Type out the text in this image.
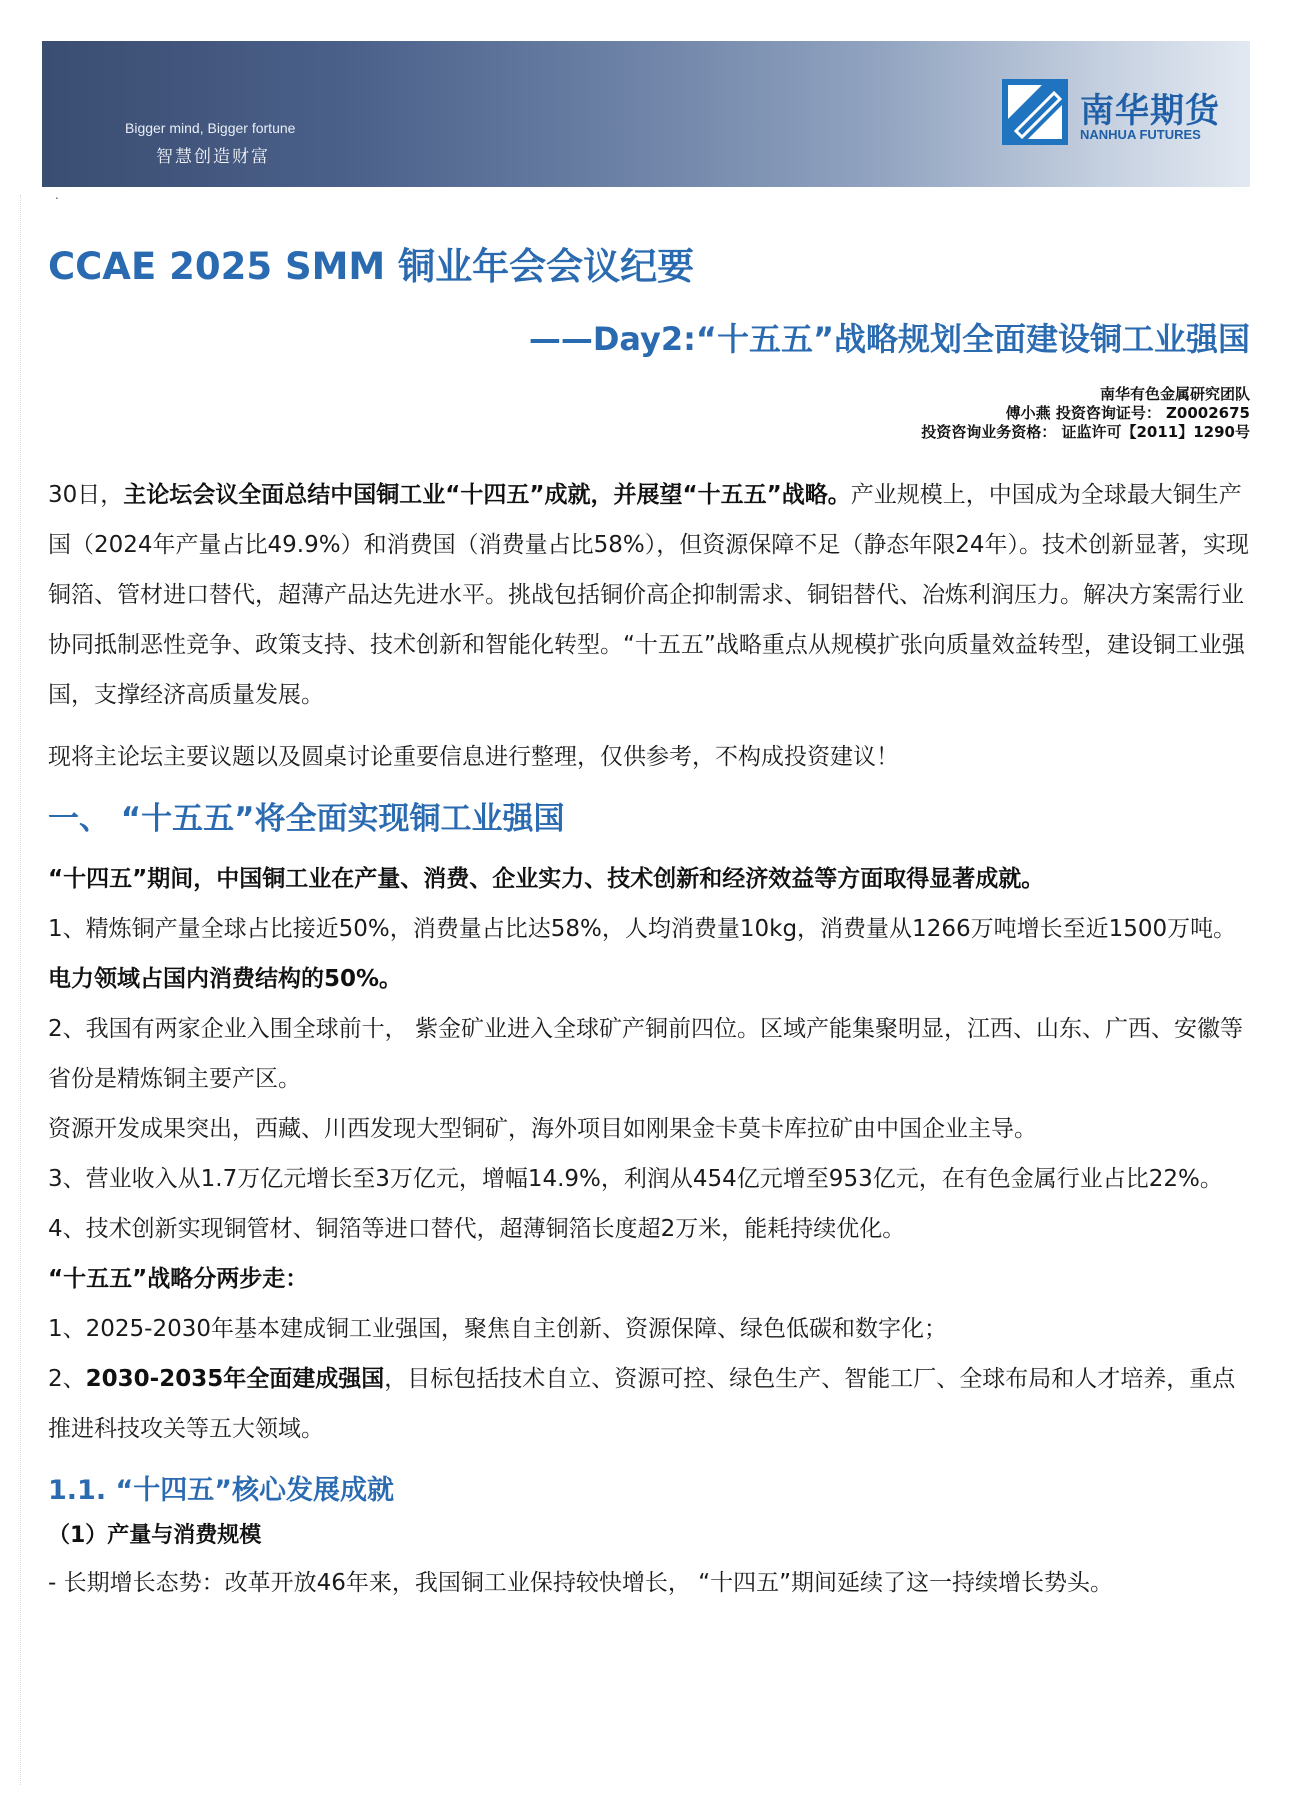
Bigger mind, Bigger fortune
智慧创造财富
南华期货
NANHUA FUTURES
.
CCAE 2025 SMM 铜业年会会议纪要
——Day2:“十五五”战略规划全面建设铜工业强国
南华有色金属研究团队
傅小燕 投资咨询证号： Z0002675
投资咨询业务资格： 证监许可【2011】1290号

30日，主论坛会议全面总结中国铜工业“十四五”成就，并展望“十五五”战略。产业规模上，中国成为全球最大铜生产国（2024年产量占比49.9%）和消费国（消费量占比58%），但资源保障不足（静态年限24年）。技术创新显著，实现铜箔、管材进口替代，超薄产品达先进水平。挑战包括铜价高企抑制需求、铜铝替代、冶炼利润压力。解决方案需行业协同抵制恶性竞争、政策支持、技术创新和智能化转型。“十五五”战略重点从规模扩张向质量效益转型，建设铜工业强国，支撑经济高质量发展。

现将主论坛主要议题以及圆桌讨论重要信息进行整理，仅供参考，不构成投资建议！

一、 “十五五”将全面实现铜工业强国

“十四五”期间，中国铜工业在产量、消费、企业实力、技术创新和经济效益等方面取得显著成就。

1、精炼铜产量全球占比接近50%，消费量占比达58%，人均消费量10kg，消费量从1266万吨增长至近1500万吨。电力领域占国内消费结构的50%。

2、我国有两家企业入围全球前十， 紫金矿业进入全球矿产铜前四位。区域产能集聚明显，江西、山东、广西、安徽等省份是精炼铜主要产区。

资源开发成果突出，西藏、川西发现大型铜矿，海外项目如刚果金卡莫卡库拉矿由中国企业主导。

3、营业收入从1.7万亿元增长至3万亿元，增幅14.9%，利润从454亿元增至953亿元，在有色金属行业占比22%。

4、技术创新实现铜管材、铜箔等进口替代，超薄铜箔长度超2万米，能耗持续优化。

“十五五”战略分两步走：

1、2025-2030年基本建成铜工业强国，聚焦自主创新、资源保障、绿色低碳和数字化；

2、2030-2035年全面建成强国，目标包括技术自立、资源可控、绿色生产、智能工厂、全球布局和人才培养，重点推进科技攻关等五大领域。

1.1. “十四五”核心发展成就
（1）产量与消费规模

- 长期增长态势：改革开放46年来，我国铜工业保持较快增长， “十四五”期间延续了这一持续增长势头。
